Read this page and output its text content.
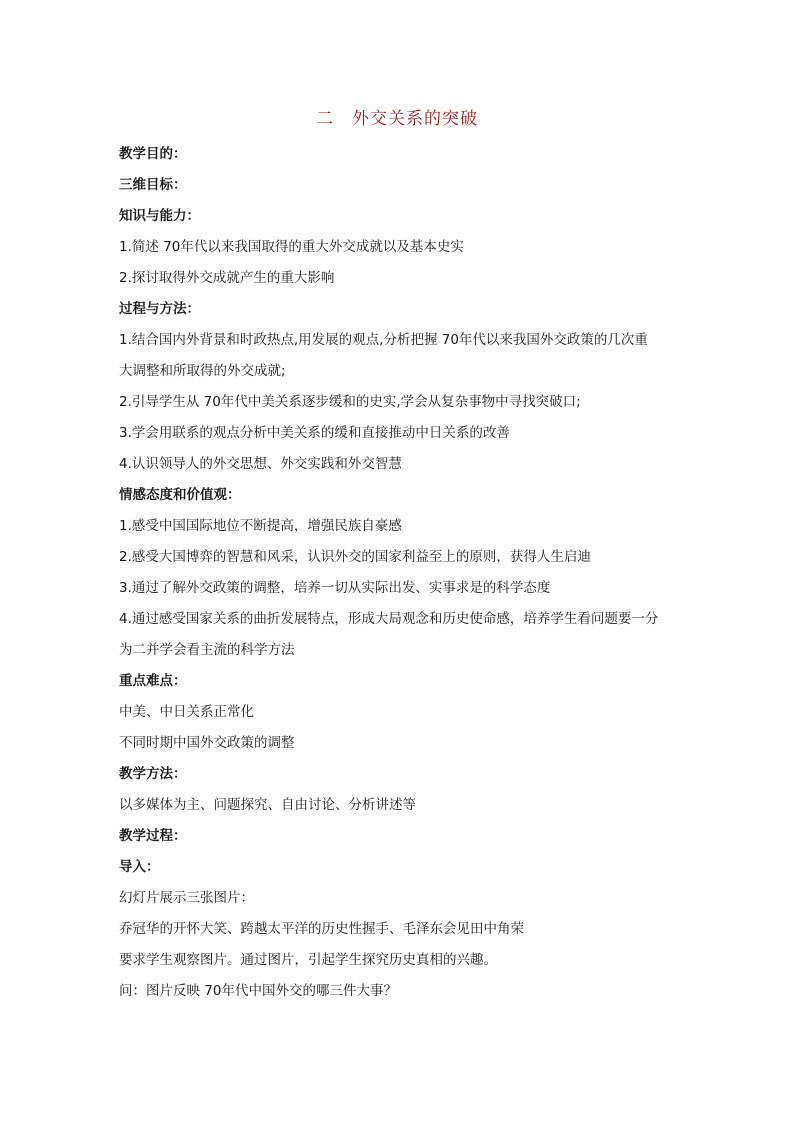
二 外交关系的突破
教学目的：
三维目标：
知识与能力：
1.简述 70年代以来我国取得的重大外交成就以及基本史实
2.探讨取得外交成就产生的重大影响
过程与方法：
1.结合国内外背景和时政热点,用发展的观点,分析把握 70年代以来我国外交政策的几次重
大调整和所取得的外交成就;
2.引导学生从 70年代中美关系逐步缓和的史实,学会从复杂事物中寻找突破口;
3.学会用联系的观点分析中美关系的缓和直接推动中日关系的改善
4.认识领导人的外交思想、外交实践和外交智慧
情感态度和价值观：
1.感受中国国际地位不断提高，增强民族自豪感
2.感受大国博弈的智慧和风采，认识外交的国家利益至上的原则，获得人生启迪
3.通过了解外交政策的调整，培养一切从实际出发、实事求是的科学态度
4.通过感受国家关系的曲折发展特点，形成大局观念和历史使命感，培养学生看问题要一分
为二并学会看主流的科学方法
重点难点：
中美、中日关系正常化
不同时期中国外交政策的调整
教学方法：
以多媒体为主、问题探究、自由讨论、分析讲述等
教学过程：
导入：
幻灯片展示三张图片：
乔冠华的开怀大笑、跨越太平洋的历史性握手、毛泽东会见田中角荣
要求学生观察图片。通过图片，引起学生探究历史真相的兴趣。
问：图片反映 70年代中国外交的哪三件大事？
